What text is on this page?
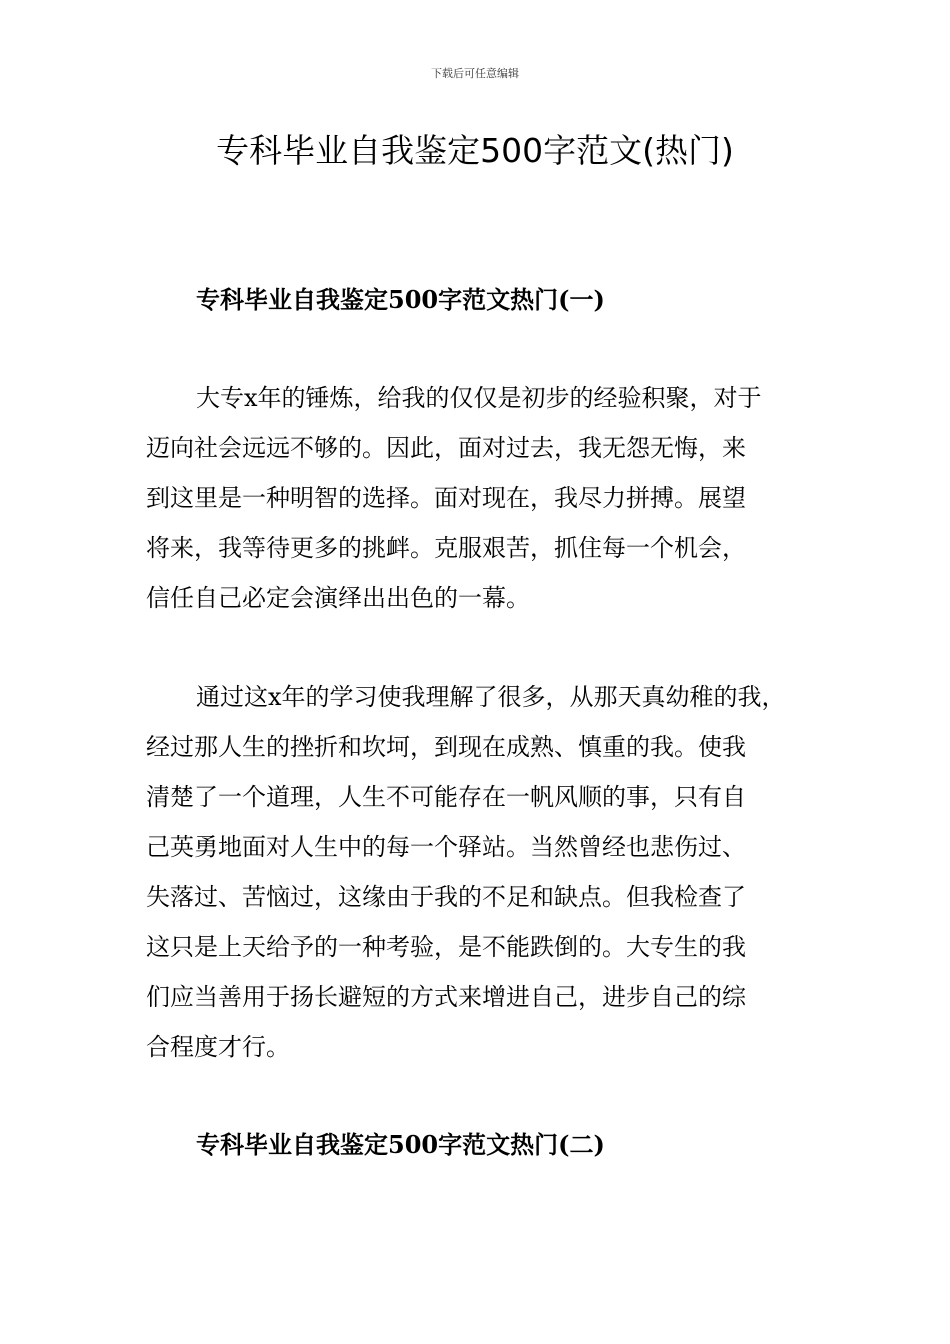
下载后可任意编辑
专科毕业自我鉴定500字范文(热门)
专科毕业自我鉴定500字范文热门(一)

大专x年的锤炼，给我的仅仅是初步的经验积聚，对于
迈向社会远远不够的。因此，面对过去，我无怨无悔，来
到这里是一种明智的选择。面对现在，我尽力拼搏。展望
将来，我等待更多的挑衅。克服艰苦，抓住每一个机会，
信任自己必定会演绎出出色的一幕。

通过这x年的学习使我理解了很多，从那天真幼稚的我，
经过那人生的挫折和坎坷，到现在成熟、慎重的我。使我
清楚了一个道理，人生不可能存在一帆风顺的事，只有自
己英勇地面对人生中的每一个驿站。当然曾经也悲伤过、
失落过、苦恼过，这缘由于我的不足和缺点。但我检查了
这只是上天给予的一种考验，是不能跌倒的。大专生的我
们应当善用于扬长避短的方式来增进自己，进步自己的综
合程度才行。

专科毕业自我鉴定500字范文热门(二)
